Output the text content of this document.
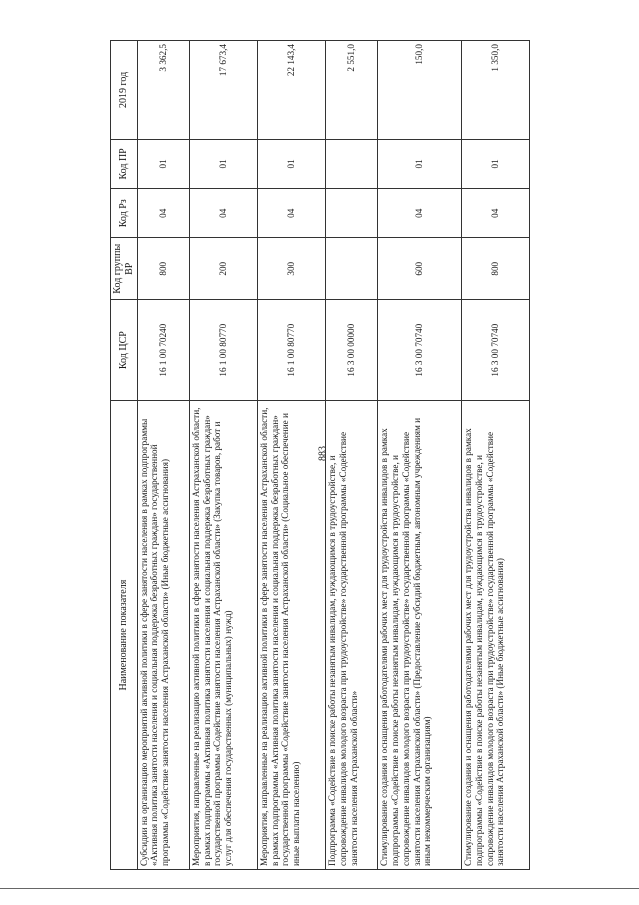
883
Наименование показателя	Код ЦСР	Код группы ВР	Код Рз	Код ПР	2019 год
Субсидии на организацию мероприятий активной политики в сфере занятости населения в рамках подпрограммы «Активная политика занятости населения и социальная поддержка безработных граждан» государственной программы «Содействие занятости населения Астраханской области» (Иные бюджетные ассигнования)	16 1 00 70240	800	04	01	3 362,5
Мероприятия, направленные на реализацию активной политики в сфере занятости населения Астраханской области, в рамках подпрограммы «Активная политика занятости населения и социальная поддержка безработных граждан» государственной программы «Содействие занятости населения Астраханской области» (Закупка товаров, работ и услуг для обеспечения государственных (муниципальных) нужд)	16 1 00 80770	200	04	01	17 673,4
Мероприятия, направленные на реализацию активной политики в сфере занятости населения Астраханской области, в рамках подпрограммы «Активная политика занятости населения и социальная поддержка безработных граждан» государственной программы «Содействие занятости населения Астраханской области» (Социальное обеспечение и иные выплаты населению)	16 1 00 80770	300	04	01	22 143,4
Подпрограмма «Содействие в поиске работы незанятым инвалидам, нуждающимся в трудоустройстве, и сопровождение инвалидов молодого возраста при трудоустройстве» государственной программы «Содействие занятости населения Астраханской области»	16 3 00 00000				2 551,0
Стимулирование создания и оснащения работодателями рабочих мест для трудоустройства инвалидов в рамках подпрограммы «Содействие в поиске работы незанятым инвалидам, нуждающимся в трудоустройстве, и сопровождение инвалидов молодого возраста при трудоустройстве» государственной программы «Содействие занятости населения Астраханской области» (Предоставление субсидий бюджетным, автономным учреждениям и иным некоммерческим организациям)	16 3 00 70740	600	04	01	150,0
Стимулирование создания и оснащения работодателями рабочих мест для трудоустройства инвалидов в рамках подпрограммы «Содействие в поиске работы незанятым инвалидам, нуждающимся в трудоустройстве, и сопровождение инвалидов молодого возраста при трудоустройстве» государственной программы «Содействие занятости населения Астраханской области» (Иные бюджетные ассигнования)	16 3 00 70740	800	04	01	1 350,0
